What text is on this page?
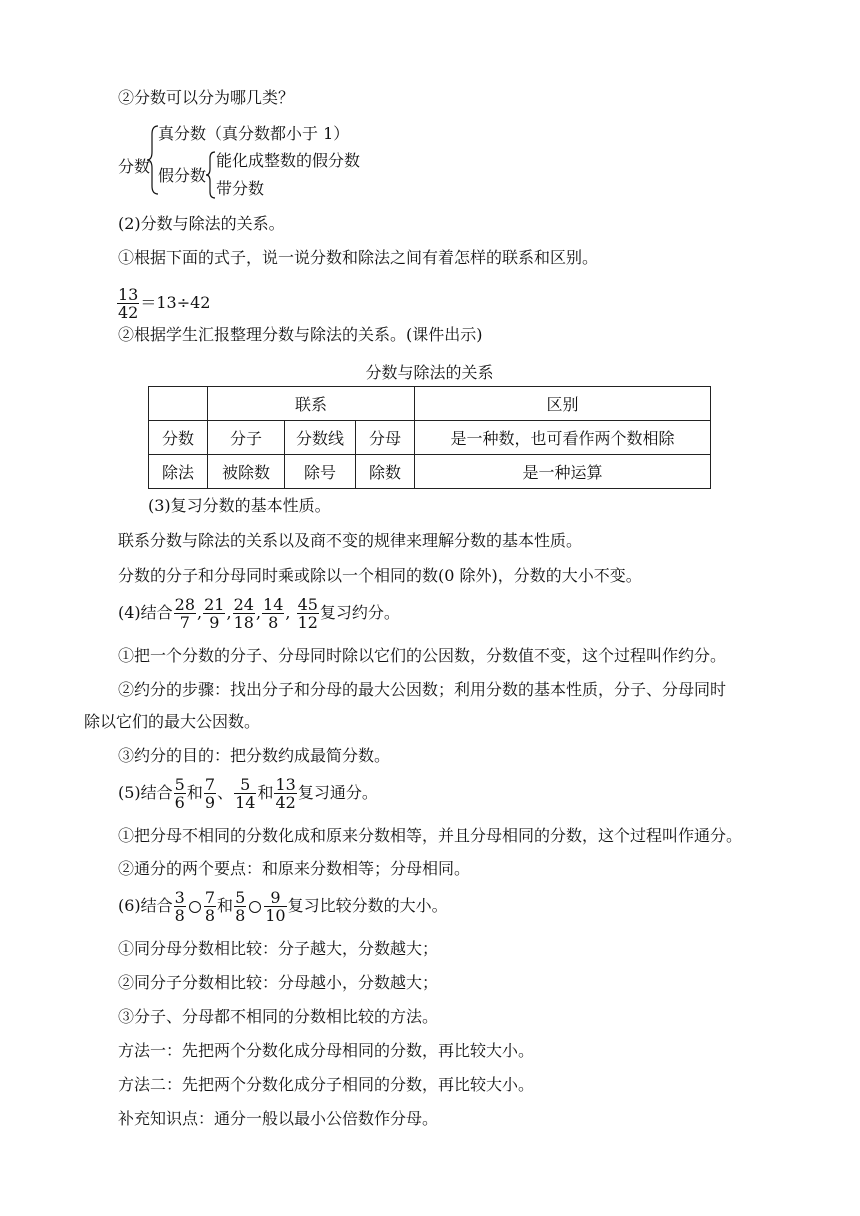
②分数可以分为哪几类？
分数
真分数（真分数都小于 1）
假分数
能化成整数的假分数
带分数
(2)分数与除法的关系。
①根据下面的式子，说一说分数和除法之间有着怎样的联系和区别。
$\frac{13}{42} =13\div 42$
②根据学生汇报整理分数与除法的关系。(课件出示)
分数与除法的关系
	联系			区别
分数	分子	分数线	分母	是一种数，也可看作两个数相除
除法	被除数	除号	除数	是一种运算
(3)复习分数的基本性质。
联系分数与除法的关系以及商不变的规律来理解分数的基本性质。
分数的分子和分母同时乘或除以一个相同的数(0 除外)，分数的大小不变。
(4)结合 $\frac{28}{7}$ , $\frac{21}{9}$ , $\frac{24}{18}$ , $\frac{14}{8}$ , $\frac{45}{12}$ 复习约分。
①把一个分数的分子、分母同时除以它们的公因数，分数值不变，这个过程叫作约分。
②约分的步骤：找出分子和分母的最大公因数；利用分数的基本性质，分子、分母同时
除以它们的最大公因数。
③约分的目的：把分数约成最简分数。
(5)结合 $\frac{5}{6}$ 和 $\frac{7}{9}$ 、 $\frac{5}{14}$ 和 $\frac{13}{42}$ 复习通分。
①把分母不相同的分数化成和原来分数相等，并且分母相同的分数，这个过程叫作通分。
②通分的两个要点：和原来分数相等；分母相同。
(6)结合 $\frac{3}{8} \frac{7}{8}$ 和 $\frac{5}{8} \frac{9}{10}$ 复习比较分数的大小。
①同分母分数相比较：分子越大，分数越大；
②同分子分数相比较：分母越小，分数越大；
③分子、分母都不相同的分数相比较的方法。
方法一：先把两个分数化成分母相同的分数，再比较大小。
方法二：先把两个分数化成分子相同的分数，再比较大小。
补充知识点：通分一般以最小公倍数作分母。
